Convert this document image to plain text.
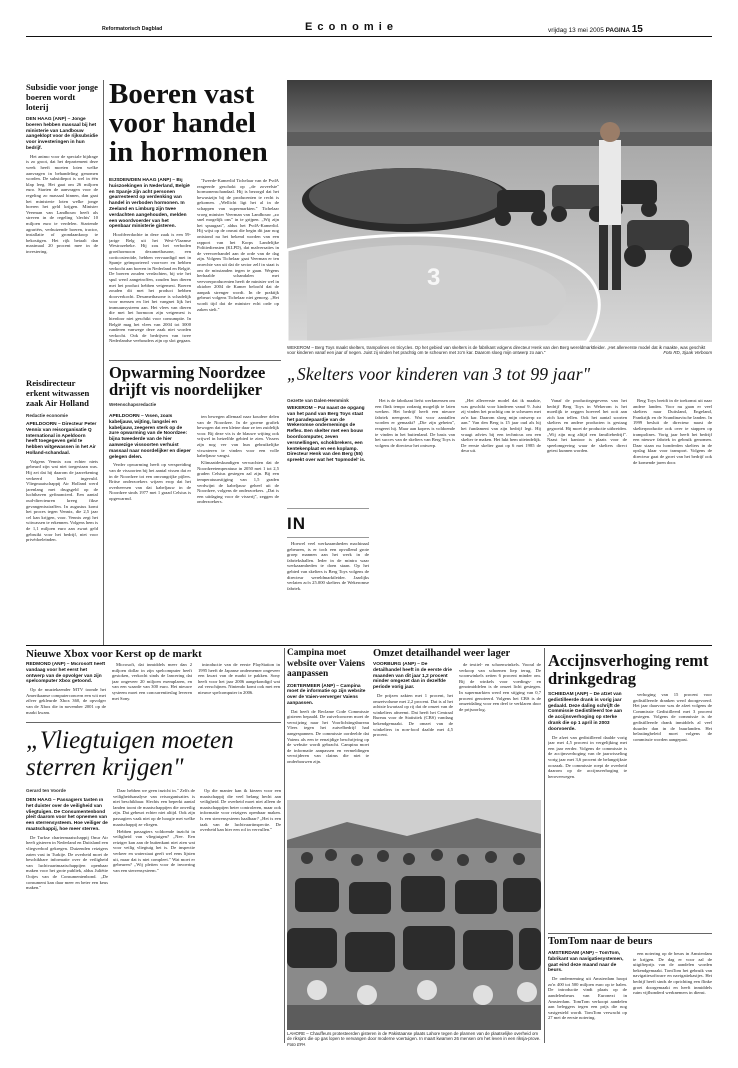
Reformatorisch Dagblad	E c o n o m i e	vrijdag 13 mei 2005 PAGINA 15
Subsidie voor jonge boeren wordt loterij
DEN HAAG (ANP) – Jonge boeren hebben massaal bij het ministerie van Landbouw aangeklopt voor de rijksubsidie voor investeringen in hun bedrijf.

Het animo voor de speciale bijdrage is zo groot, dat het departement deze week heeft moeten loten welke aanvragen in behandeling genomen worden. De subsidiepot is wel in één klap leeg. Het gaat om 26 miljoen euro. Starten de aanvragen voor de regeling zo massaal binnen, dan gaat het ministerie loten welke jonge boeren het geld krijgen. Minister Veerman van Landbouw heeft als streven in de regeling 'slechts' 10 miljoen euro te verdelen. Startende agrariërs, verhuizende boeren, tractor, installatie of grondaankoop te bekostigen. Het rijk betaalt dan maximaal 20 procent mee in de investering.

Reisdirecteur erkent witwassen zaak Air Holland
Redactie economie
APELDOORN – Directeur Peter Vennix van reisorganisatie Q International in Apeldoorn heeft toegegeven geld te hebben witgewassen in het Air Holland-schandaal.

Volgens Vennix zou echter niets gebeurd zijn wat niet toegestaan was. Hij zei dat hij daarom de jaarrekening verkeerd heeft ingevuld. Vliegmaatschappij Air Holland werd jarenlang met drugsgeld op de luchthaven gefinancierd. Een aantal oud-directeuren kreeg fikse gevangenisstraffen. In augustus komt het proces tegen Vennix, die 2,5 jaar cel kan krijgen, voor. Vennix zegt het witwassen te erkennen. Volgens hem is de 1,1 miljoen euro aan zwart geld gebruikt voor het bedrijf, niet voor privédoeleinden.

Boeren vast voor handel in hormonen
EIJSDEN/DEN HAAG (ANP) – Bij huiszoekingen in Nederland, België en Spanje zijn acht personen gearresteerd op verdenking van handel in verboden hormonen. In Zeeland en Limburg zijn twee verdachten aangehouden, melden een woordvoerder van het openbaar ministerie gisteren.

Hoofdverdachte in deze zaak is een 59-jarige Belg uit het West-Vlaamse Westrozebeke. Hij zou het verboden groeihormoon dexamethasone, een corticosteroïde, hebben vervaardigd met in Spanje geïmporteerd voorvoer en hebben verkocht aan boeren in Nederland en België. De boeren zouden verdachten, bij wie het spul werd aangetroffen, zouden hun dieren met het product hebben vetgemest. Boeren zouden dit met het product hebben doorverkocht. Dexamethasone is schadelijk voor mensen en liet het vangnet lijk het immuunsysteem aan. Het vlees van dieren die met het hormoon zijn vetgemest is hierdoor niet geschikt voor consumptie. In België mag het vlees van 2004 tot 3000 runderen vanwege deze zaak niet worden verkocht. Ook de bedrijven van twee Nederlandse veehouders zijn op slot gegaan.

'Tweede-Kamerlid Tichelaar van de PvdA reageerde geschokt op „de zoveelste" hormonenschandaal. Hij is bezorgd dat het bewustzijn bij de producenten te recht is gekomen. „Wellicht ligt het al in de schappen van supermarkten." Tichelaar vroeg minister Veerman van Landbouw „zo snel mogelijk ons" in te grijpen. „Wij zijn het spuugzat", aldus het PvdA-Kamerlid. Hij wijst op de onrust die begin dit jaar nog ontstond na het bekend worden van een rapport van het Korps Landelijke Politiediensten (KLPD), dat malversaties in de veevoerhandel aan de orde van de dag zijn. Volgens Tichelaar gaat Veerman er ten onrechte van uit dat de sector zelf in staat is om de misstanden tegen te gaan. Wegens herhaalde schandalen met veevoerproducenten heeft de minister wel in oktober 2004 de Kamer beloofd dat de aanpak strenger wordt. In de praktijk gebeurt volgens Tichelaar niet genoeg. „Het wordt tijd dat de minister echt orde op zaken stelt."

3
WEKEROM – Berg Toys maakt skelters, trampolines en tricycles. Op het gebied van skelters is de fabrikant volgens directeur Henk van den Berg wereldmarktleider. „Het allereerste model dat ik maakte, was geschikt voor kinderen vanaf een jaar of negen. Juist zij vinden het prachtig om te scheuren met zo'n kar. Daarom sloeg mijn ontwerp zo aan."	Foto RD, Sjaak Verboom
„Skelters voor kinderen van 3 tot 99 jaar"
Opwarming Noordzee drijft vis noordelijker
Wetenschapsredactie
APELDOORN – Visen, zoals kabeljauw, wijting, langslei en kabeljauw, zeegeren sterk op de zure opwarming van de Noordzee: bijna tweederde van de hier aanwezige vissoorten verhuist massaal naar noordelijker en dieper gelegen delen.

Verder opwarming heeft op verspreiding van de vissoorten bij het aantal vissen dat er in de Noordzee tot een omvangrijke pijlers. Britse onderzoekers wijzen erop dat het overheersen van dat kabeljauw in de Noordzee sinds 1977 met 1 graad Celsius is opgewarmd.

ten bewegen allemaal naar koudere delen van de Noordzee. In de groene grafiek bewogen dat een kleine daar ze ten zuidelijk voor. Bij deze vis is de blauwe wijting ook vrijwel in hetzelfde gebied te zien. Vissers zijn nog ver van hun gebruikelijke viswateren te vinden voor een volle kabeljauw vangst.

Klimaatdeskundigen verwachten dat de Noordzeetemperatuur in 2050 met 1 tot 2,5 graden Celsius gestegen zal zijn. Bij een temperatuurstijging van 1,5 graden verdwijnt de kabeljauw geheel uit de Noordzee, volgens de onderzoekers. „Dat is een uitdaging voor de visserij", zeggen de onderzoekers.

Gezette van Dalen-Hemmink
WEKEROM – Pal naast de opgang van het pand van Berg Toys staat het paradepaardje van de Wekeromse ondernemings de Reflex. Een skelter met een bouw boordcomputer, zeven versnellingen, schokbrekers, een kentekenplaat en een koplamp. Directeur Henk van den Berg (55) spreekt over wat het 'topmodel' is.
IN

Hoewel veel werkzaamheden machinaal gebeuren, is er toch een opvallend grote groep mannen aan het werk in de fabriekshallen. Ieder in de mintra waar werkzaamheden te doen staan. Op het gebied van skelters is Berg Toys volgens de directeur wereldmarktleider. Jaarlijks verlaten zo'n 25.000 skelters de Wekeromse fabriek.

Het is de fabrikant liefst werkmensen om een flink tempo zodanig mogelijk te laten werken. Het bedrijf heeft een nieuwe fabriek neergezet. Wat voor aantallen worden er gemaakt? „Die zijn geheim", reageert hij. Maar aan kopers is voldoende te vinden in het buitenland. De basis van het succes van de skelters van Berg Toys is volgens de directeur het ontwerp.

„Het allereerste model dat ik maakte, was geschikt voor kinderen vanaf 9. Juist zij vinden het prachtig om te scheuren met zo'n kar. Daarom sloeg mijn ontwerp zo aan." Van den Berg is 15 jaar oud als hij het fundament van zijn bedrijf legt. Hij vraagt advies bij een technicus om een skelter te maken. Het lukt hem uiteindelijk. De eerste skelter gaat op 6 mei 1985 de deur uit.

Vanaf de productiegegevens van het bedrijf Berg Toys in Wekerom is het moeilijk te zeggen hoeveel het ooit aan zich kan tellen. Ook het aantal soorten skelters en andere producten is gestaag gegroeid. Hij moet de productie uitbreiden. „Wij zijn nog altijd een familiebedrijf". Naast het kantoor is plaats voor de speelomgeving waar de skelters direct getest kunnen worden.

Berg Toys breidt in de toekomst uit naar andere landen. Voor nu gaan er veel skelters naar Duitsland, Engeland, Frankrijk en de Scandinavische landen. In 1999 besluit de directeur naast de skelterproductie ook over te stappen op trampolines. Vorig jaar heeft het bedrijf een nieuwe fabriek in gebruik genomen. Daar staan nu honderden skelters in de opslag klaar voor transport. Volgens de directeur gaat de groei van het bedrijf ook de komende jaren door.

Nieuwe Xbox voor Kerst op de markt
REDMOND (ANP) – Microsoft heeft vandaag voor het eerst het ontwerp van de opvolger van zijn spelcomputer Xbox getoond.

Op de muziekzender MTV toonde het Amerikaanse computerconcern een wit met zilver gekleurde Xbox 360, de opvolger van de Xbox die in november 2001 op de markt kwam.

Microsoft, dat inmiddels meer dan 2 miljoen dollar in zijn spelcomputer heeft gestoken, verkocht sinds de lancering dat jaar ongeveer 20 miljoen exemplaren, en van een waarde van 300 euro. Het nieuwe systeem moet een concurrentieslag leveren met Sony.

introductie van de eerste PlayStation in 1995 heeft de Japanse ondernemer ongeveer een kwart van de markt te pakken. Sony heeft voor het jaar 2006 aangekondigd wat zal verschijnen. Nintendo komt ook met een nieuwe spelcomputer in 2006.

„Vliegtuigen moeten sterren krijgen"
Gerard ten Voorde
DEN HAAG – Passagiers tasten in het duister over de veiligheid van vliegtuigen. De Consumentenbond pleit daarom voor het opnemen van een sterrensysteem. Hoe veiliger de maatschappij, hoe meer sterren.

De Turkse chartermaatschappij Onur Air heeft gisteren in Nederland en Duitsland een vliegverbod gekregen. Duizenden reizigers zaten vast in Turkije. De overheid moet de beschikbare informatie over de veiligheid van luchtvaartmaatschappijen openbaar maken voor het grote publiek, aldus Juliëtte Ooijes van de Consumentenbond. „De consument kan daar meer en beter een keus maken."

Daar hebben we geen inzicht in." Zelfs de veiligheidsanalyse van reisorganisaties is niet beschikbaar. Slechts een beperkt aantal landen toont de maatschappijen die onveilig zijn. Dat gebeurt echter niet altijd. Ook zijn passagiers vaak niet op de hoogte met welke maatschappij ze vliegen.

Hebben passagiers voldoende inzicht in veiligheid van vliegtuigen? „Nee. Een reiziger kan aan de buitenkant niet zien wat voor veilig vliegtuig het is. De inspectie verkeer en waterstaat geeft wel eens lijsten uit, maar dat is niet compleet." Wat moet er gebeuren? „Wij pleiten voor de invoering van een sterrensysteem."

Op die manier kan ik kiezen voor een maatschappij die veel belang hecht aan veiligheid. De overheid moet niet alleen de maatschappijen beter controleren, maar ook informatie voor reizigers openbaar maken. Is een sterrensysteem haalbaar? „Het is een taak van de luchtvaartinspectie. De overheid kan hier een rol in vervullen."

Campina moet website over Vaiens aanpassen
ZOETERMEER (ANP) – Campina moet de informatie op zijn website over de Vaien-ververger Vaiens aanpassen.

Dat heeft de Reclame Code Commissie gisteren bepaald. De zuivelconcern moet de verwijzing naar het Voorlichtingsbureau Vlees tegen het zuivelbedrijf had aangespannen. De commissie oordeelde dat Vaiens als een te eenzijdige beschrijving op de website wordt gebracht. Campina moet de informatie aanpassen en vermeldingen verwijderen van claims die niet te onderbouwen zijn.

Omzet detailhandel weer lager
VOORBURG (ANP) – De detailhandel heeft in de eerste drie maanden van dit jaar 1,2 procent minder omgezet dan in dezelfde periode vorig jaar.

De prijzen zakten met 1 procent, het omzetvolume met 2,2 procent. Dat is al het achtste kwartaal op rij dat de omzet van de winkeliers afneemt. Dat heeft het Centraal Bureau voor de Statistiek (CBS) vandaag bekendgemaakt. De omzet van de winkeliers in non-food daalde met 4,5 procent.

de textiel- en schoenwinkels. Vooral de verkoop van schoenen liep terug. De woonwinkels zetten 6 procent minder om. Bij de winkels voor voedings- en genotmiddelen is de omzet licht gestegen. In supermarkten werd een stijging van 0,7 procent genoteerd. Volgens het CBS is de omzetdaling voor een deel te verklaren door de prijsoorlog.

LAHORE – Chauffeurs protesteerden gisteren in de Pakistaanse plaats Lahore tegen de plannen van de plaatselijke overheid om de riksja's die op gas lopen te vervangen door moderne voertuigen. In maart kwamen 26 mensen om het leven in een riksja-prove. Foto EPA
Accijnsverhoging remt drinkgedrag
SCHIEDAM (ANP) – De afzet van gedistilleerde drank is vorig jaar gedaald. Deze daling schrijft de Commissie Gedistilleerd toe aan de accijnsverhoging op sterke drank die op 1 april in 2003 doorvoerde.

De afzet van gedistilleerd daalde vorig jaar met 4,5 procent in vergelijking met een jaar eerder. Volgens de commissie is de accijnsverhoging van de jaarwisseling vorig jaar met 3,6 procent de belangrijkste oorzaak. De commissie roept de overheid daarom op de accijnsverhoging te heroverwegen.

verhoging van 15 procent voor gedistilleerde dranken werd doorgevoerd. Het jaar daarvoor was de afzet volgens de Commissie Gedistilleerd met 3 procent gestegen. Volgens de commissie is de gedistilleerde drank inmiddels al veel duurder dan in de buurlanden. Het belastingbeleid moet volgens de commissie worden aangepast.

TomTom naar de beurs
AMSTERDAM (ANP) – TomTom, fabrikant van navigatiesystemen, gaat eind deze maand naar de beurs.

De onderneming uit Amsterdam hoopt zo'n 400 tot 500 miljoen euro op te halen. De introductie vindt plaats op de aandelenbeurs van Euronext in Amsterdam. TomTom verkoopt aandelen aan beleggers tegen een prijs die nog vastgesteld wordt. TomTom verwacht op 27 mei de eerste notering.

een notering op de beurs in Amsterdam te krijgen. De dag er voor zal de uitgifteprijs van de aandelen worden bekendgemaakt. TomTom het gebruik van navigatiesoftware en navigatiekastjes. Het bedrijf heeft sinds de oprichting een flinke groei doorgemaakt en heeft inmiddels ruim vijfhonderd werknemers in dienst.
